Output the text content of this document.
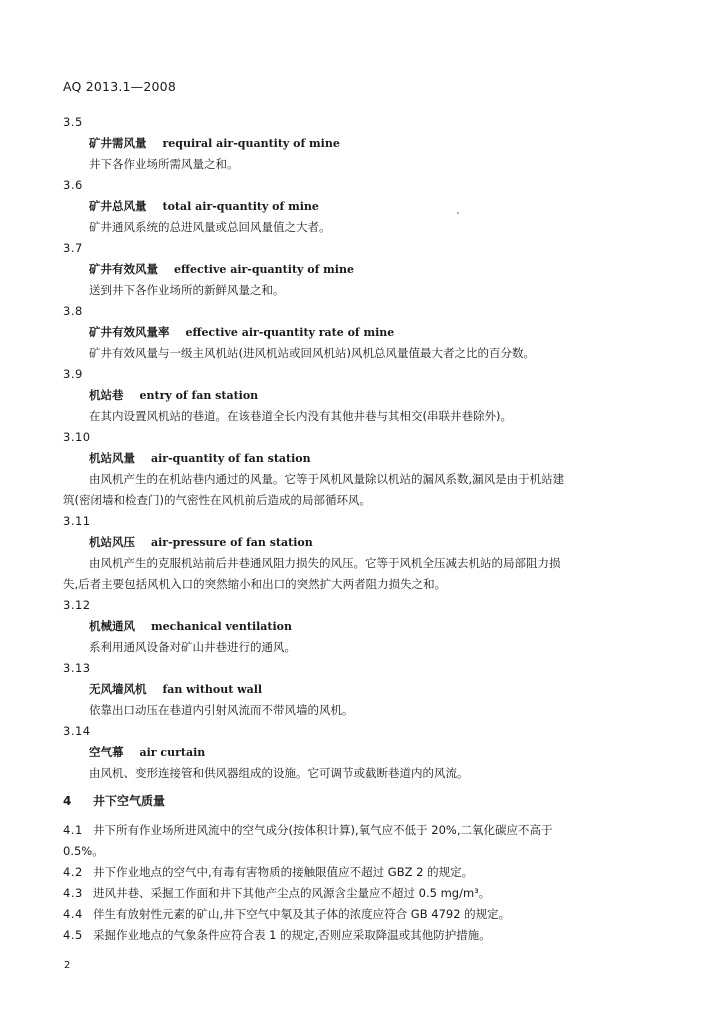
AQ 2013.1—2008
3.5
矿井需风量 requiral air-quantity of mine

井下各作业场所需风量之和。

3.6
矿井总风量 total air-quantity of mine

矿井通风系统的总进风量或总回风量值之大者。

3.7
矿井有效风量 effective air-quantity of mine

送到井下各作业场所的新鲜风量之和。

3.8
矿井有效风量率 effective air-quantity rate of mine

矿井有效风量与一级主风机站(进风机站或回风机站)风机总风量值最大者之比的百分数。

3.9
机站巷 entry of fan station

在其内设置风机站的巷道。在该巷道全长内没有其他井巷与其相交(串联井巷除外)。

3.10
机站风量 air-quantity of fan station

由风机产生的在机站巷内通过的风量。它等于风机风量除以机站的漏风系数,漏风是由于机站建
筑(密闭墙和检查门)的气密性在风机前后造成的局部循环风。

3.11
机站风压 air-pressure of fan station

由风机产生的克服机站前后井巷通风阻力损失的风压。它等于风机全压减去机站的局部阻力损
失,后者主要包括风机入口的突然缩小和出口的突然扩大两者阻力损失之和。

3.12
机械通风 mechanical ventilation

系利用通风设备对矿山井巷进行的通风。

3.13
无风墙风机 fan without wall

依靠出口动压在巷道内引射风流而不带风墙的风机。

3.14
空气幕 air curtain

由风机、变形连接管和供风器组成的设施。它可调节或截断巷道内的风流。

4 井下空气质量

4.1 井下所有作业场所进风流中的空气成分(按体积计算),氧气应不低于 20%,二氧化碳应不高于
0.5%。

4.2 井下作业地点的空气中,有毒有害物质的接触限值应不超过 GBZ 2 的规定。

4.3 进风井巷、采掘工作面和井下其他产尘点的风源含尘量应不超过 0.5 mg/m³。

4.4 伴生有放射性元素的矿山,井下空气中氡及其子体的浓度应符合 GB 4792 的规定。

4.5 采掘作业地点的气象条件应符合表 1 的规定,否则应采取降温或其他防护措施。

2
